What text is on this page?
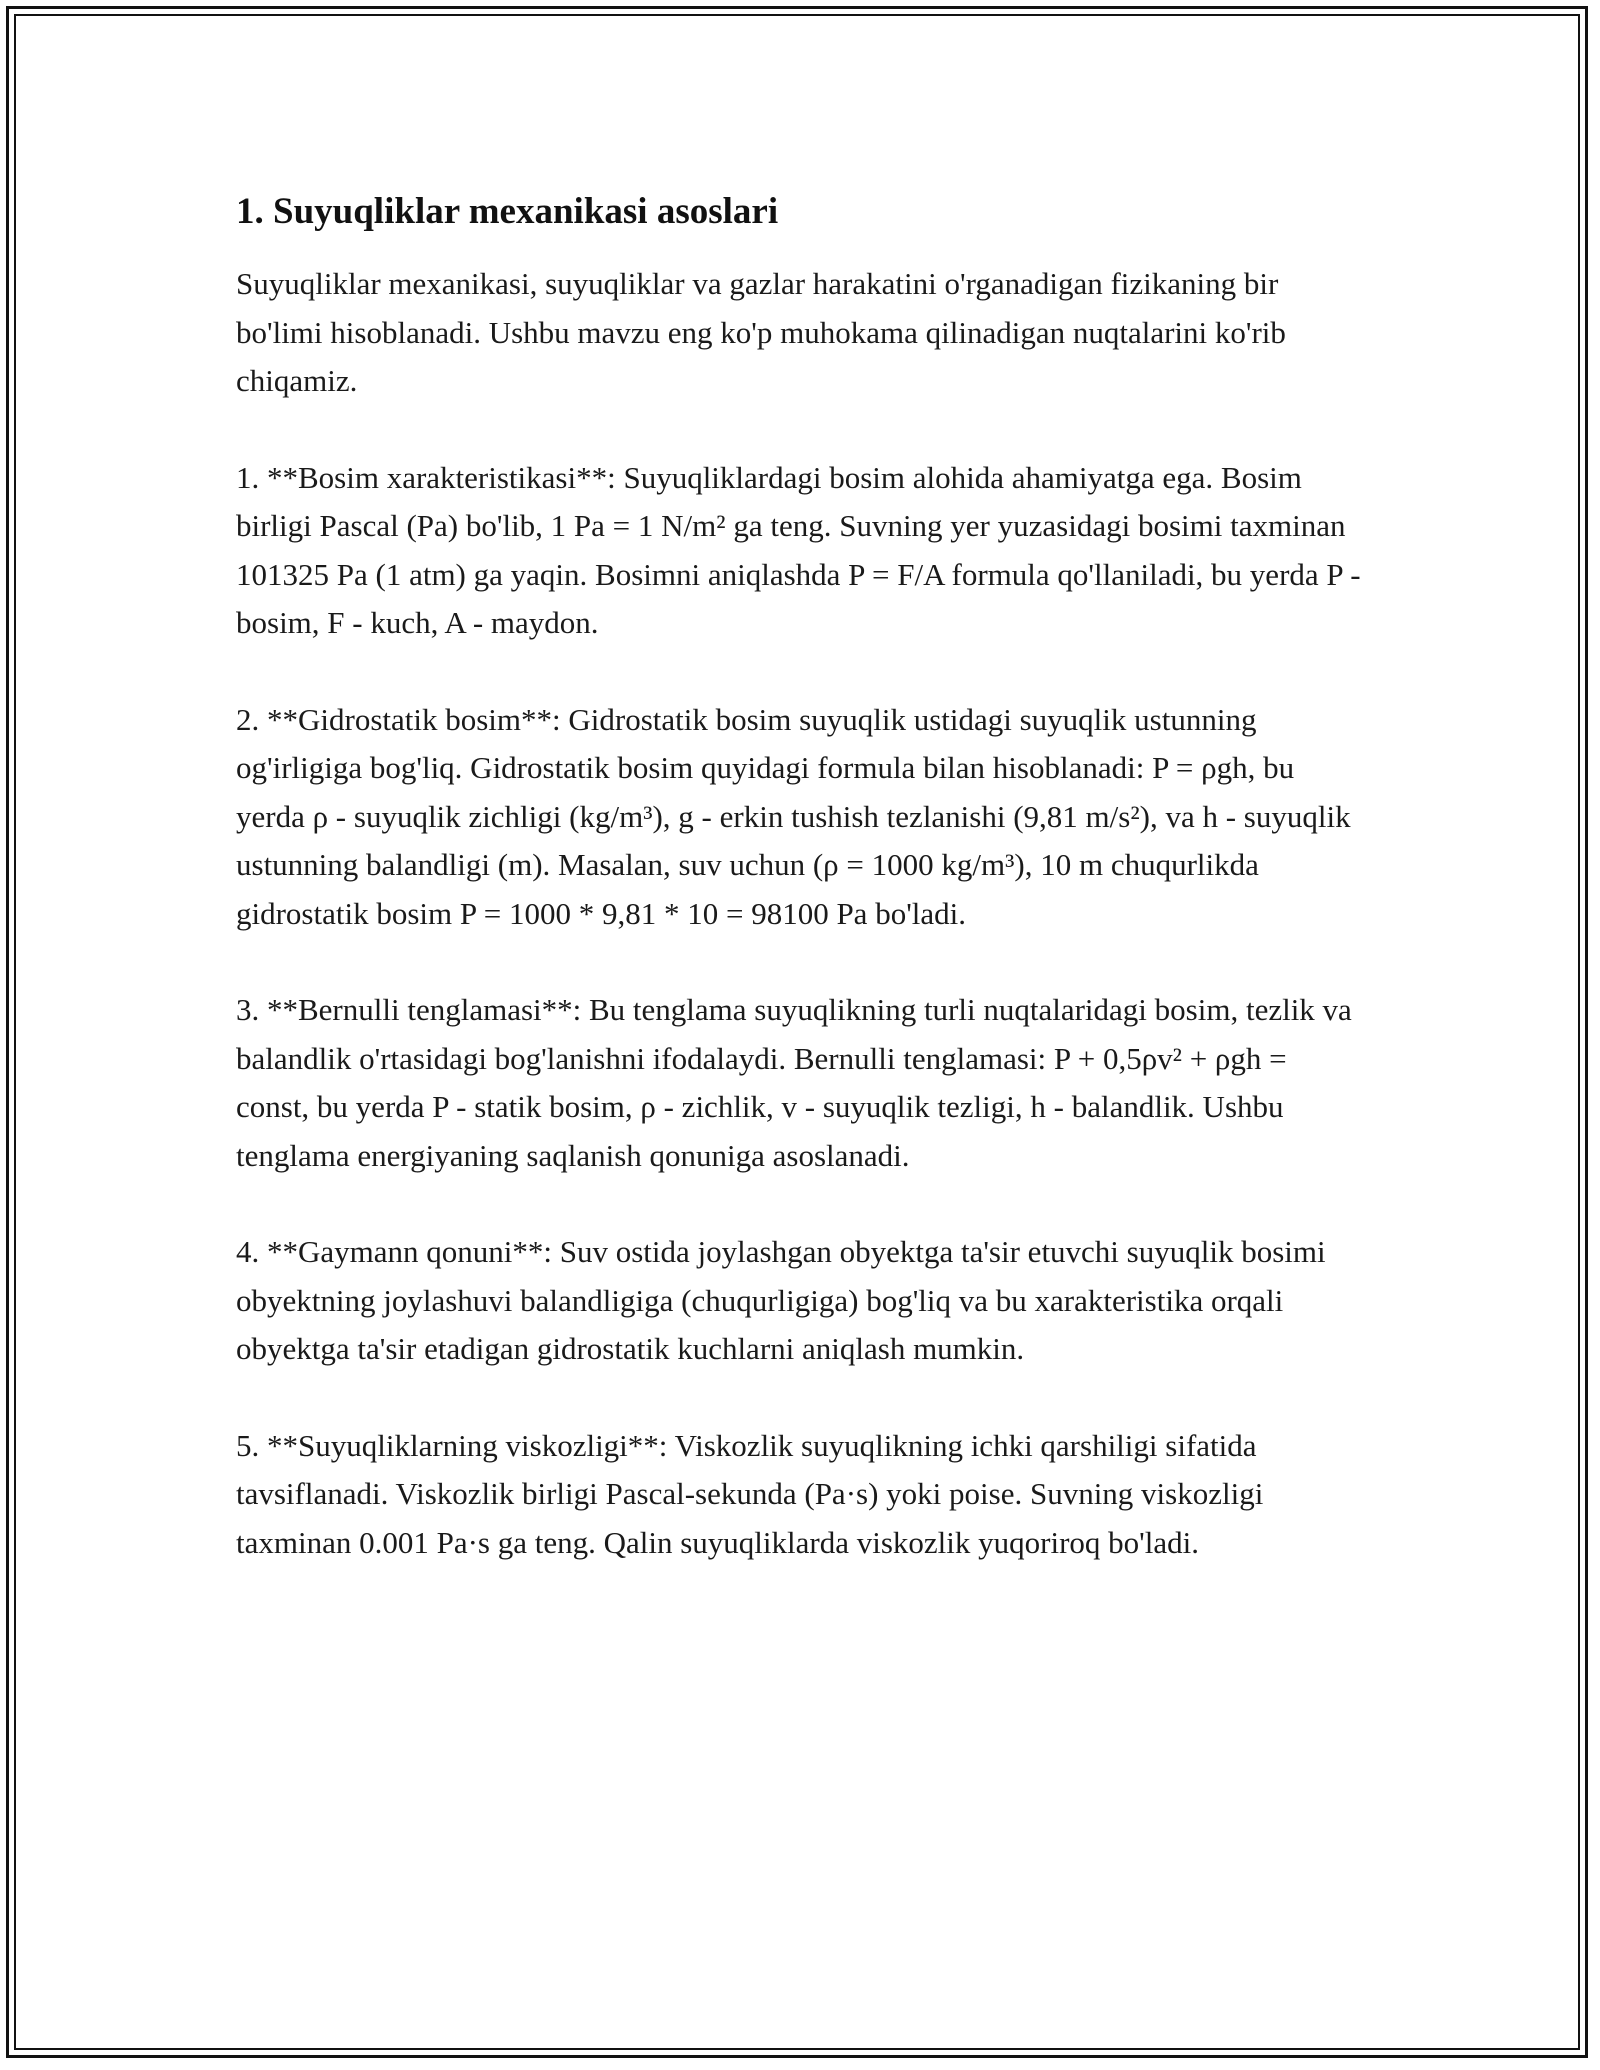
1. Suyuqliklar mexanikasi asoslari

Suyuqliklar mexanikasi, suyuqliklar va gazlar harakatini o'rganadigan fizikaning bir bo'limi hisoblanadi. Ushbu mavzu eng ko'p muhokama qilinadigan nuqtalarini ko'rib chiqamiz.

1. **Bosim xarakteristikasi**: Suyuqliklardagi bosim alohida ahamiyatga ega. Bosim birligi Pascal (Pa) bo'lib, 1 Pa = 1 N/m² ga teng. Suvning yer yuzasidagi bosimi taxminan 101325 Pa (1 atm) ga yaqin. Bosimni aniqlashda P = F/A formula qo'llaniladi, bu yerda P - bosim, F - kuch, A - maydon.

2. **Gidrostatik bosim**: Gidrostatik bosim suyuqlik ustidagi suyuqlik ustunning og'irligiga bog'liq. Gidrostatik bosim quyidagi formula bilan hisoblanadi: P = ρgh, bu yerda ρ - suyuqlik zichligi (kg/m³), g - erkin tushish tezlanishi (9,81 m/s²), va h - suyuqlik ustunning balandligi (m). Masalan, suv uchun (ρ = 1000 kg/m³), 10 m chuqurlikda gidrostatik bosim P = 1000 * 9,81 * 10 = 98100 Pa bo'ladi.

3. **Bernulli tenglamasi**: Bu tenglama suyuqlikning turli nuqtalaridagi bosim, tezlik va balandlik o'rtasidagi bog'lanishni ifodalaydi. Bernulli tenglamasi: P + 0,5ρv² + ρgh = const, bu yerda P - statik bosim, ρ - zichlik, v - suyuqlik tezligi, h - balandlik. Ushbu tenglama energiyaning saqlanish qonuniga asoslanadi.

4. **Gaymann qonuni**: Suv ostida joylashgan obyektga ta'sir etuvchi suyuqlik bosimi obyektning joylashuvi balandligiga (chuqurligiga) bog'liq va bu xarakteristika orqali obyektga ta'sir etadigan gidrostatik kuchlarni aniqlash mumkin.

5. **Suyuqliklarning viskozligi**: Viskozlik suyuqlikning ichki qarshiligi sifatida tavsiflanadi. Viskozlik birligi Pascal-sekunda (Pa·s) yoki poise. Suvning viskozligi taxminan 0.001 Pa·s ga teng. Qalin suyuqliklarda viskozlik yuqoriroq bo'ladi.
